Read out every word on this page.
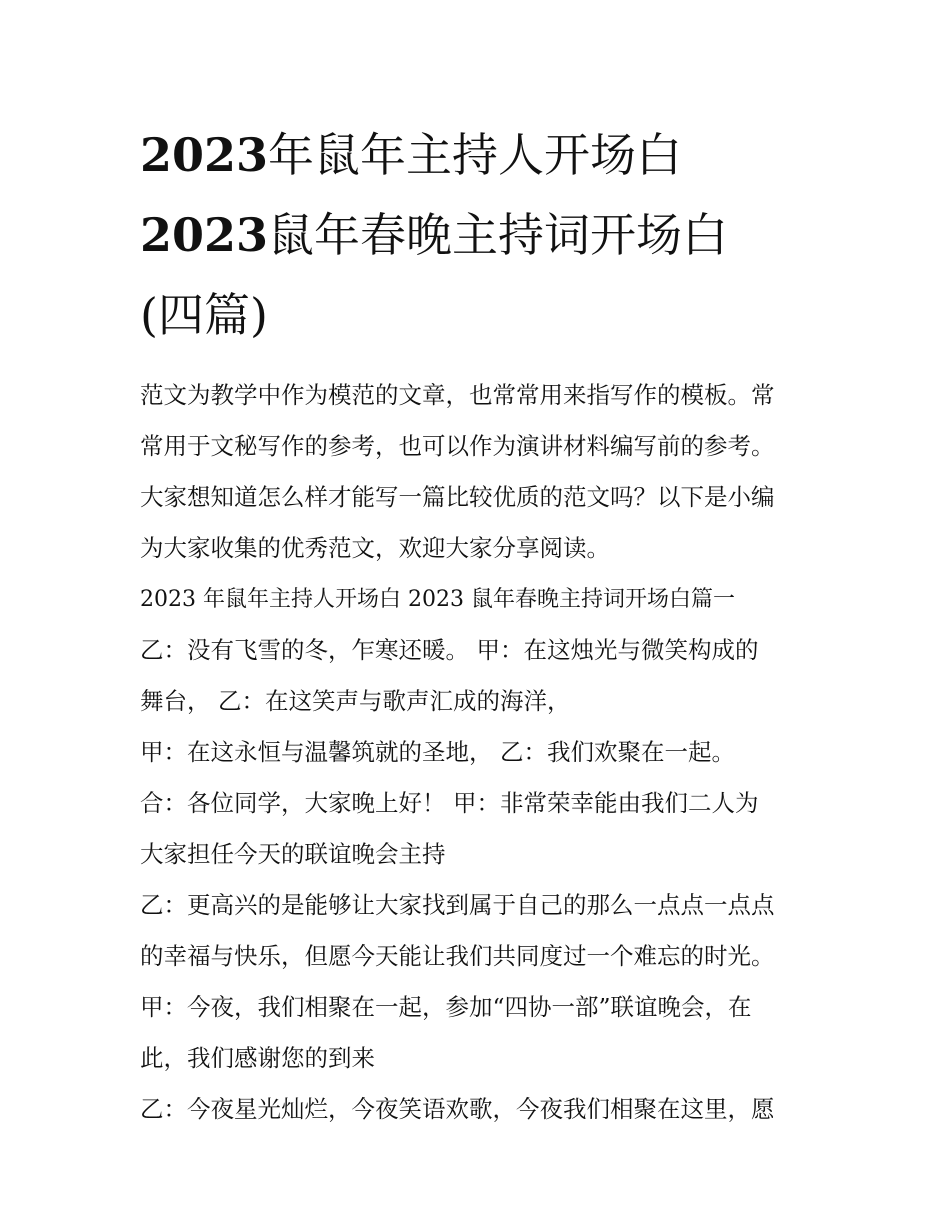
2023年鼠年主持人开场白
2023鼠年春晚主持词开场白
(四篇)
范文为教学中作为模范的文章，也常常用来指写作的模板。常
常用于文秘写作的参考，也可以作为演讲材料编写前的参考。
大家想知道怎么样才能写一篇比较优质的范文吗？以下是小编
为大家收集的优秀范文，欢迎大家分享阅读。
2023 年鼠年主持人开场白 2023 鼠年春晚主持词开场白篇一
乙：没有飞雪的冬，乍寒还暖。 甲：在这烛光与微笑构成的
舞台， 乙：在这笑声与歌声汇成的海洋，
甲：在这永恒与温馨筑就的圣地， 乙：我们欢聚在一起。
合：各位同学，大家晚上好！ 甲：非常荣幸能由我们二人为
大家担任今天的联谊晚会主持
乙：更高兴的是能够让大家找到属于自己的那么一点点一点点
的幸福与快乐，但愿今天能让我们共同度过一个难忘的时光。
甲：今夜，我们相聚在一起，参加“四协一部”联谊晚会，在
此，我们感谢您的到来
乙：今夜星光灿烂，今夜笑语欢歌，今夜我们相聚在这里，愿
